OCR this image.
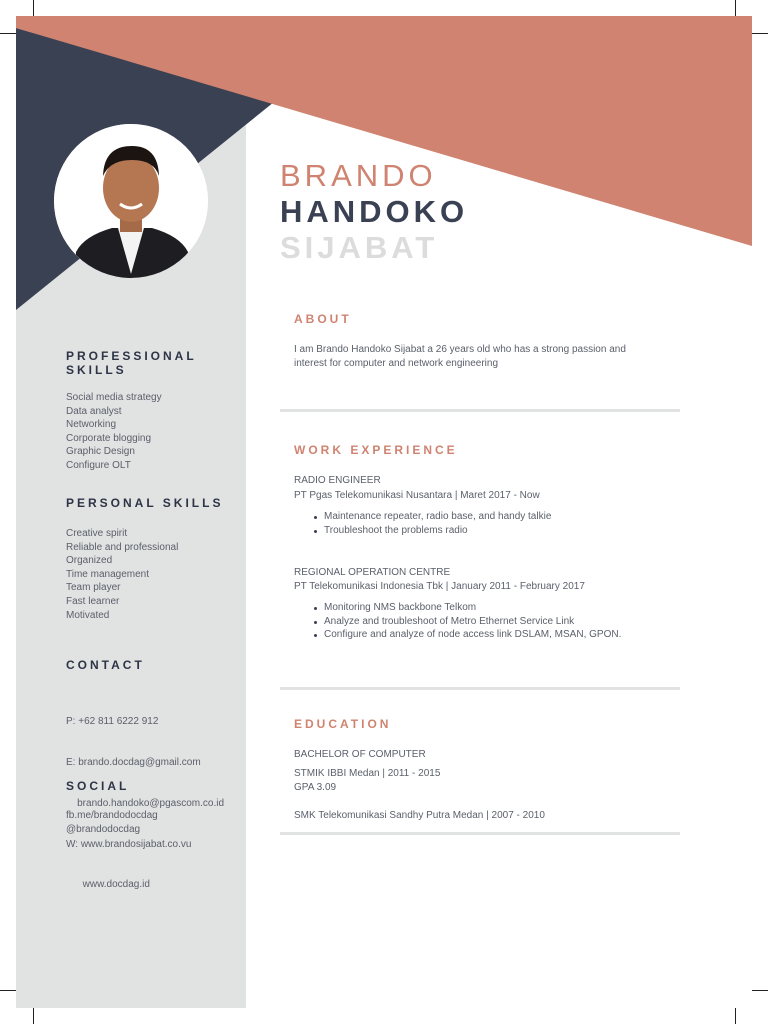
BRANDO
HANDOKO
SIJABAT
PROFESSIONAL
SKILLS
Social media strategy
Data analyst
Networking
Corporate blogging
Graphic Design
Configure OLT
PERSONAL SKILLS
Creative spirit
Reliable and professional
Organized
Time management
Team player
Fast learner
Motivated
CONTACT

P: +62 811 6222 912

E: brando.docdag@gmail.com

brando.handoko@pgascom.co.id

W: www.brandosijabat.co.vu

www.docdag.id

SOCIAL
fb.me/brandodocdag
@brandodocdag
ABOUT
I am Brando Handoko Sijabat a 26 years old who has a strong passion and
interest for computer and network engineering
WORK EXPERIENCE
RADIO ENGINEER
PT Pgas Telekomunikasi Nusantara | Maret 2017 - Now
Maintenance repeater, radio base, and handy talkie
Troubleshoot the problems radio
REGIONAL OPERATION CENTRE
PT Telekomunikasi Indonesia Tbk | January 2011 - February 2017
Monitoring NMS backbone Telkom
Analyze and troubleshoot of Metro Ethernet Service Link
Configure and analyze of node access link DSLAM, MSAN, GPON.
EDUCATION
BACHELOR OF COMPUTER
STMIK IBBI Medan | 2011 - 2015
GPA 3.09
SMK Telekomunikasi Sandhy Putra Medan | 2007 - 2010
